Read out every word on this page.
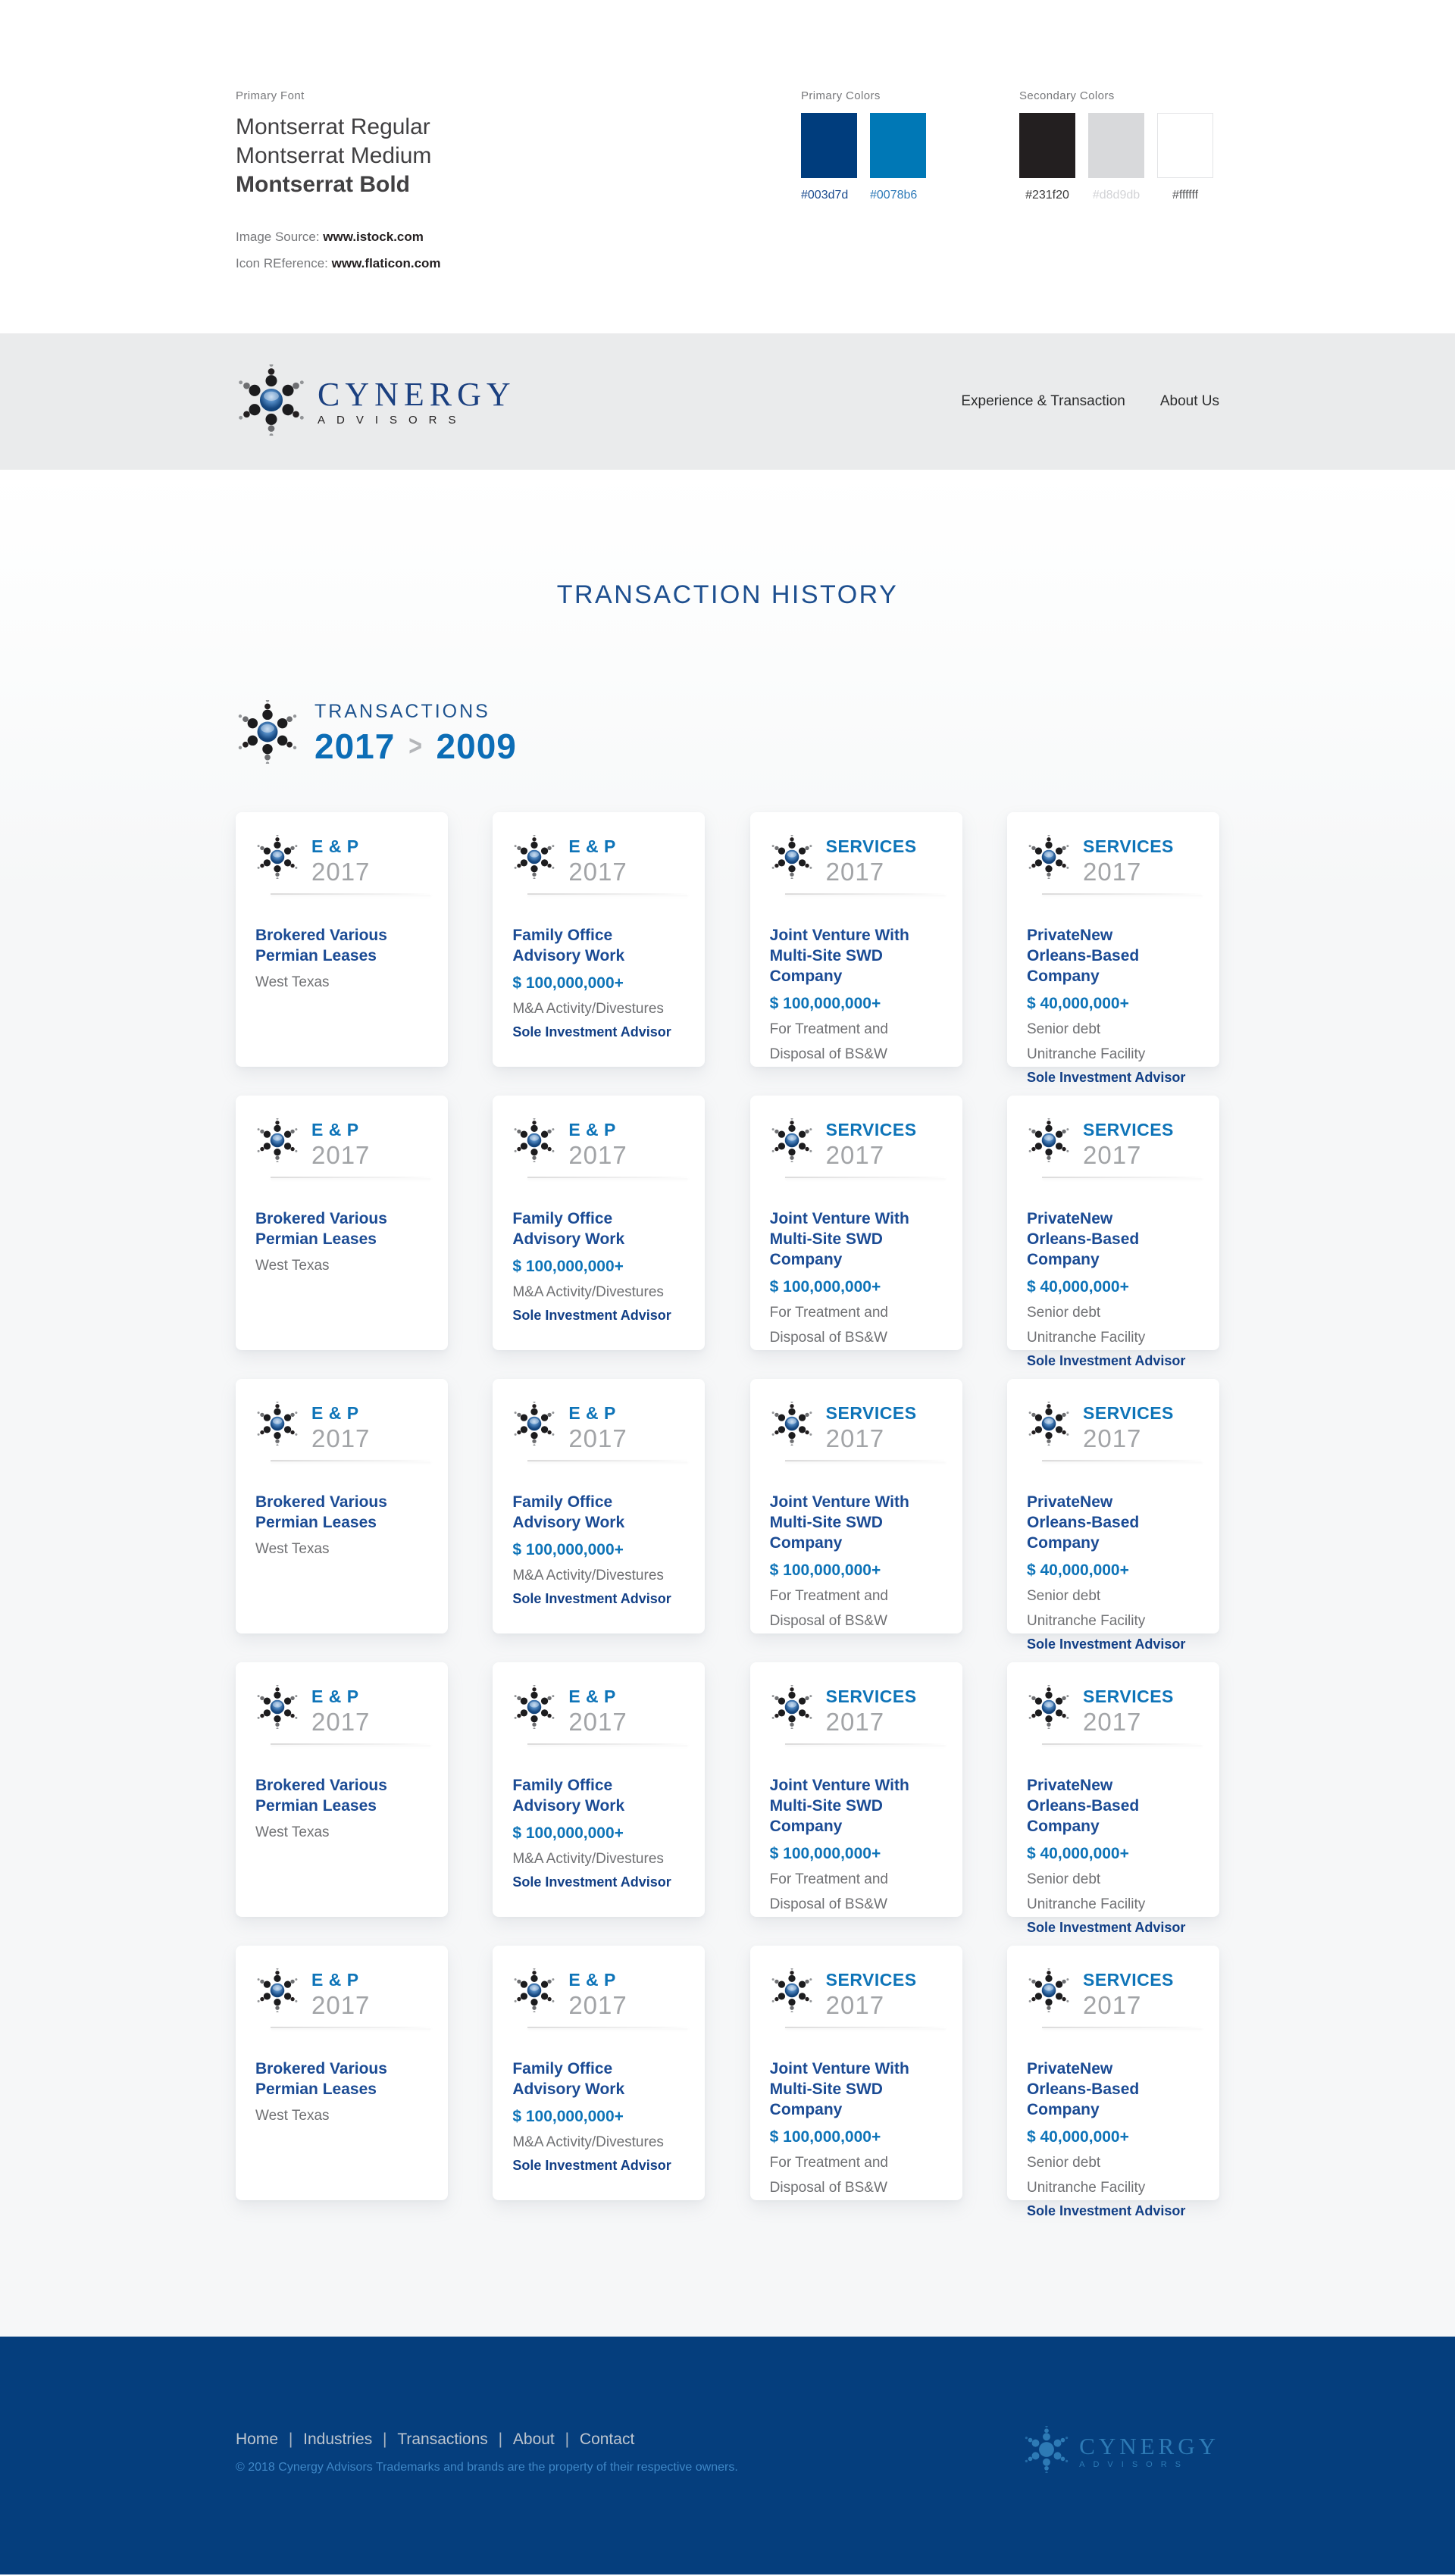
Primary Font
Montserrat Regular
Montserrat Medium
Montserrat Bold
Image Source: www.istock.com
Icon REference: www.flaticon.com
Primary Colors
#003d7d	#0078b6
Secondary Colors
#231f20	#d8d9db	#ffffff
CYNERGY
ADVISORS
Experience & Transaction About Us
TRANSACTION HISTORY
TRANSACTIONS
2017 > 2009
E & P
2017
Brokered Various
Permian Leases
West Texas
E & P
2017
Family Office
Advisory Work
$ 100,000,000+
M&A Activity/Divestures
Sole Investment Advisor
SERVICES
2017
Joint Venture With
Multi-Site SWD Company
$ 100,000,000+
For Treatment and
Disposal of BS&W
SERVICES
2017
PrivateNew
Orleans-Based Company
$ 40,000,000+
Senior debt
Unitranche Facility
Sole Investment Advisor
E & P
2017
Brokered Various
Permian Leases
West Texas
E & P
2017
Family Office
Advisory Work
$ 100,000,000+
M&A Activity/Divestures
Sole Investment Advisor
SERVICES
2017
Joint Venture With
Multi-Site SWD Company
$ 100,000,000+
For Treatment and
Disposal of BS&W
SERVICES
2017
PrivateNew
Orleans-Based Company
$ 40,000,000+
Senior debt
Unitranche Facility
Sole Investment Advisor
E & P
2017
Brokered Various
Permian Leases
West Texas
E & P
2017
Family Office
Advisory Work
$ 100,000,000+
M&A Activity/Divestures
Sole Investment Advisor
SERVICES
2017
Joint Venture With
Multi-Site SWD Company
$ 100,000,000+
For Treatment and
Disposal of BS&W
SERVICES
2017
PrivateNew
Orleans-Based Company
$ 40,000,000+
Senior debt
Unitranche Facility
Sole Investment Advisor
E & P
2017
Brokered Various
Permian Leases
West Texas
E & P
2017
Family Office
Advisory Work
$ 100,000,000+
M&A Activity/Divestures
Sole Investment Advisor
SERVICES
2017
Joint Venture With
Multi-Site SWD Company
$ 100,000,000+
For Treatment and
Disposal of BS&W
SERVICES
2017
PrivateNew
Orleans-Based Company
$ 40,000,000+
Senior debt
Unitranche Facility
Sole Investment Advisor
E & P
2017
Brokered Various
Permian Leases
West Texas
E & P
2017
Family Office
Advisory Work
$ 100,000,000+
M&A Activity/Divestures
Sole Investment Advisor
SERVICES
2017
Joint Venture With
Multi-Site SWD Company
$ 100,000,000+
For Treatment and
Disposal of BS&W
SERVICES
2017
PrivateNew
Orleans-Based Company
$ 40,000,000+
Senior debt
Unitranche Facility
Sole Investment Advisor
Home | Industries | Transactions | About | Contact
© 2018 Cynergy Advisors Trademarks and brands are the property of their respective owners.
CYNERGY
ADVISORS
